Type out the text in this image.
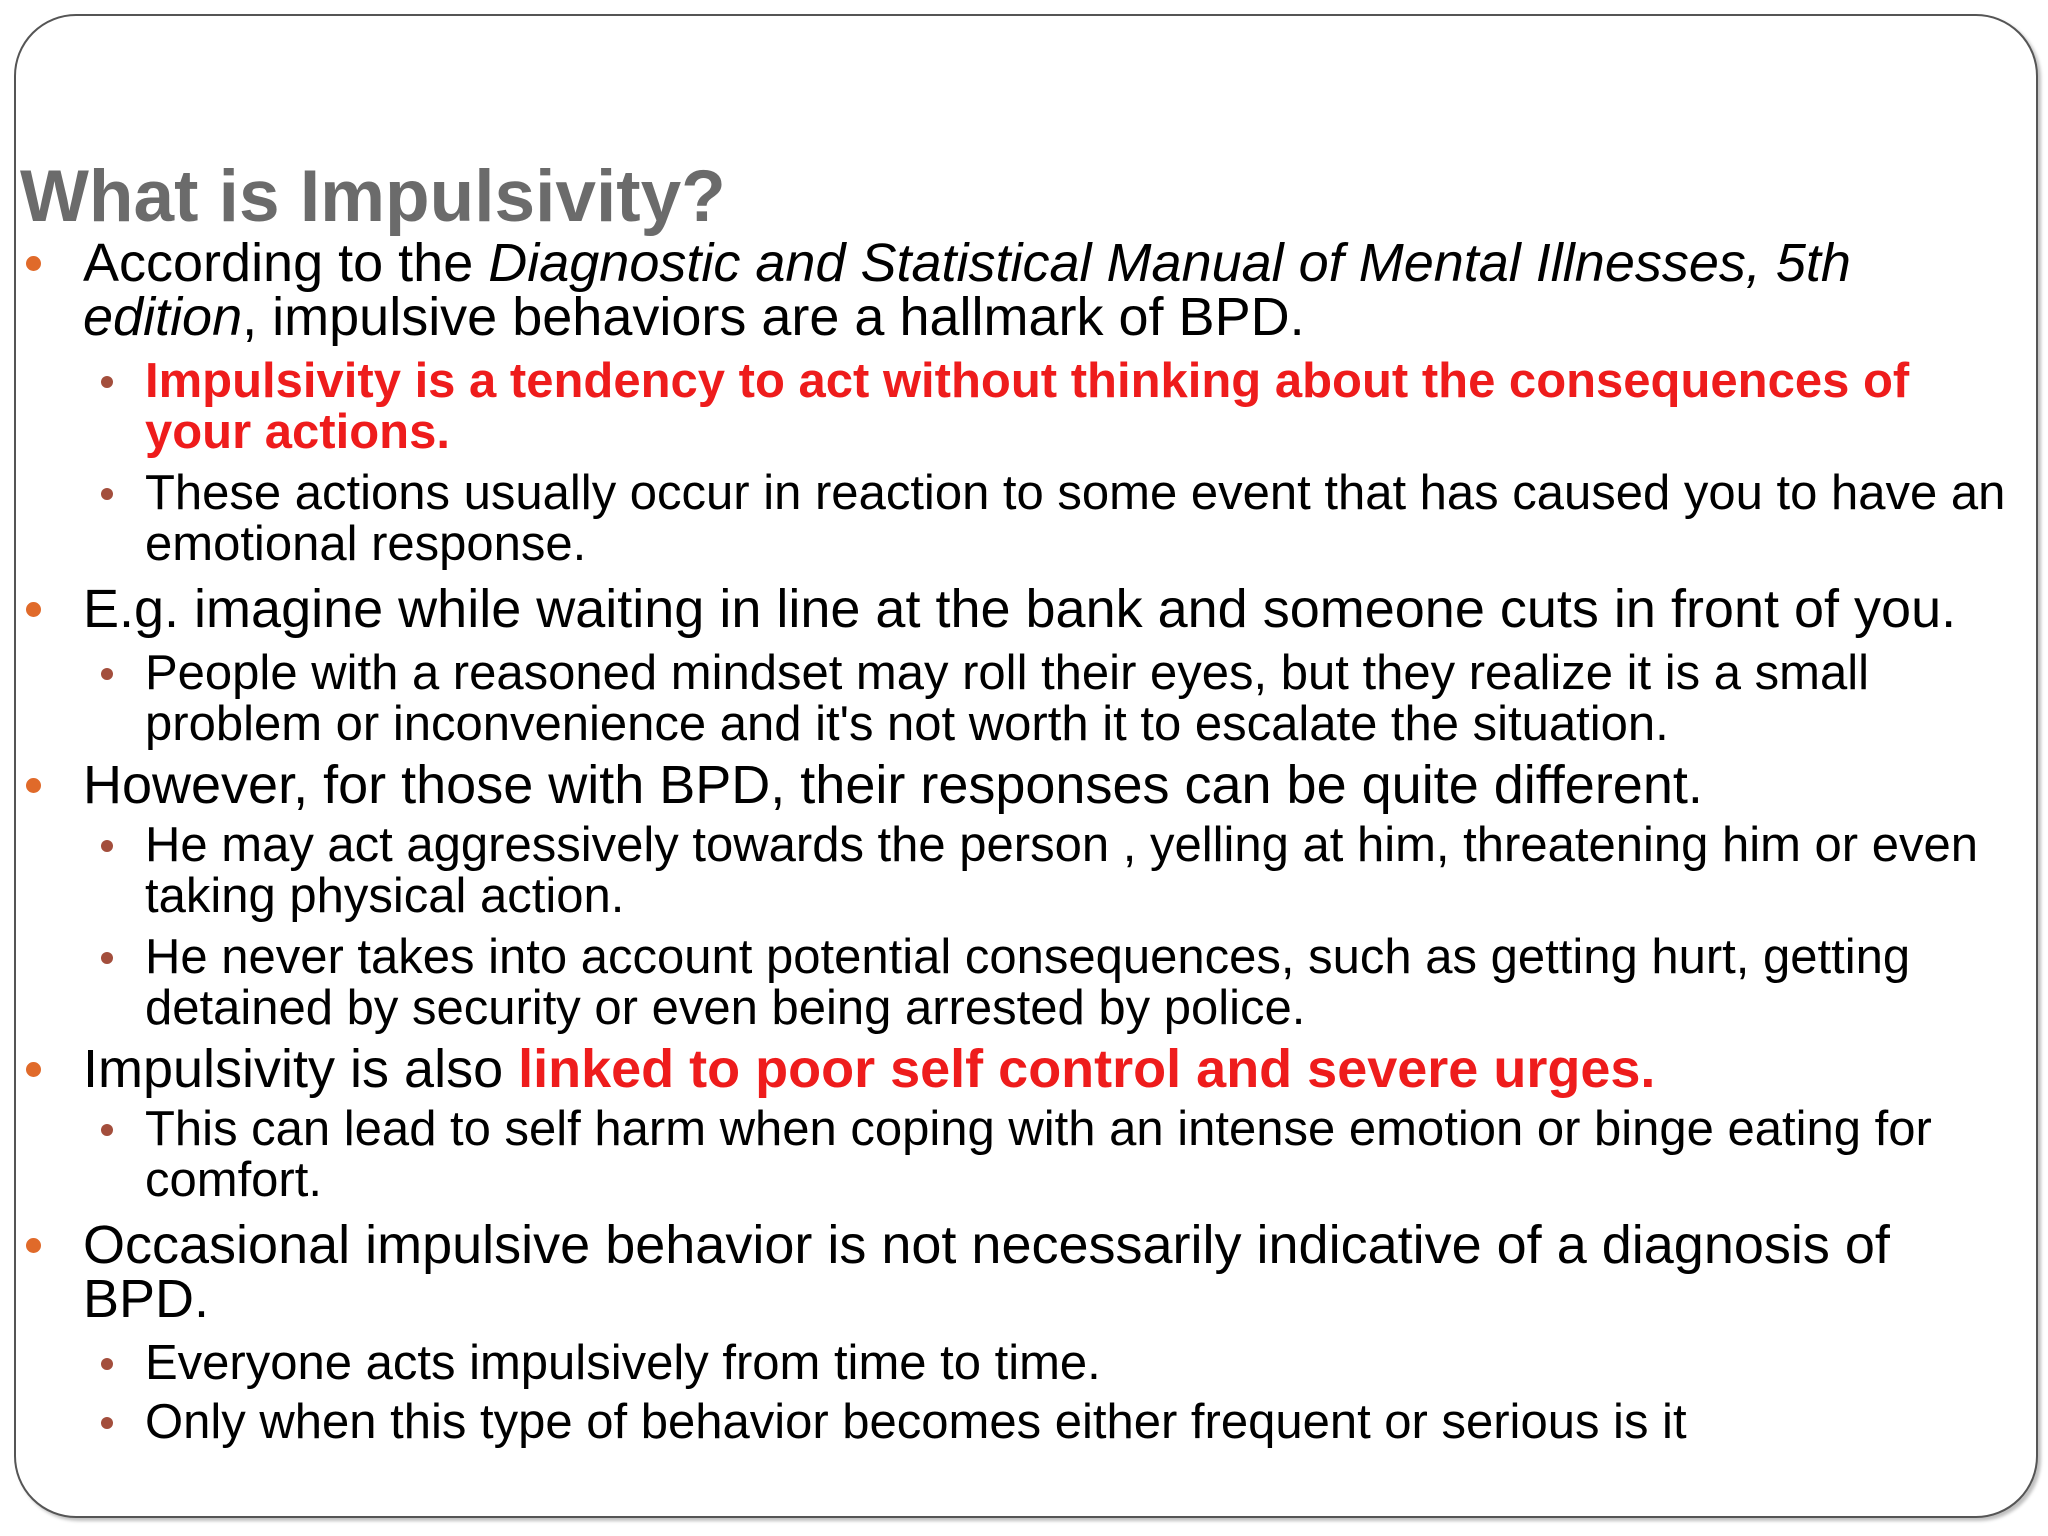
What is Impulsivity?
According to the Diagnostic and Statistical Manual of Mental Illnesses, 5th edition, impulsive behaviors are a hallmark of BPD.
Impulsivity is a tendency to act without thinking about the consequences of your actions.
These actions usually occur in reaction to some event that has caused you to have an emotional response.
E.g. imagine while waiting in line at the bank and someone cuts in front of you.
People with a reasoned mindset may roll their eyes, but they realize it is a small problem or inconvenience and it's not worth it to escalate the situation.
However, for those with BPD, their responses can be quite different.
He may act aggressively towards the person , yelling at him, threatening him or even taking physical action.
He never takes into account potential consequences, such as getting hurt, getting detained by security or even being arrested by police.
Impulsivity is also linked to poor self control and severe urges.
This can lead to self harm when coping with an intense emotion or binge eating for comfort.
Occasional impulsive behavior is not necessarily indicative of a diagnosis of BPD.
Everyone acts impulsively from time to time.
Only when this type of behavior becomes either frequent or serious is it
